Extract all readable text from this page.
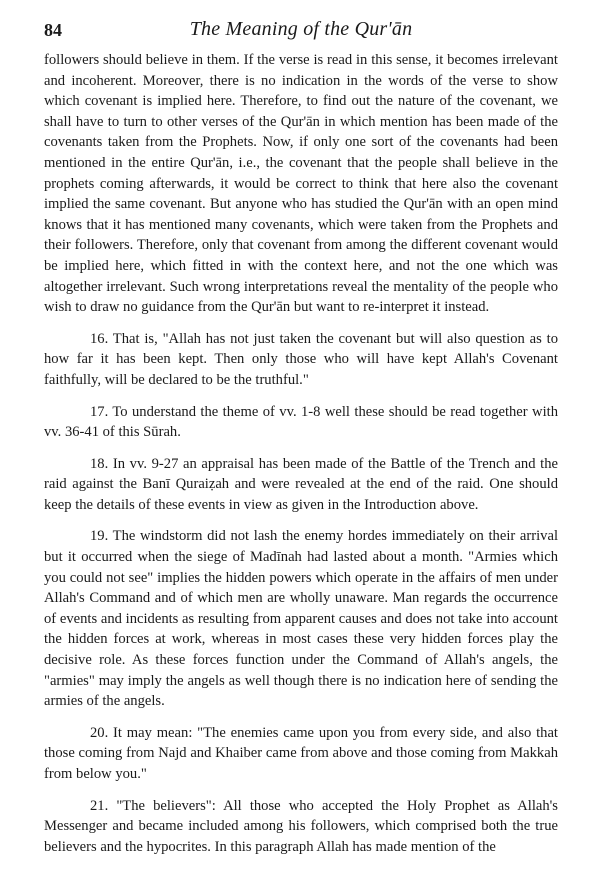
84	The Meaning of the Qur'ān

followers should believe in them. If the verse is read in this sense, it becomes irrelevant and incoherent. Moreover, there is no indication in the words of the verse to show which covenant is implied here. Therefore, to find out the nature of the covenant, we shall have to turn to other verses of the Qur'ān in which mention has been made of the covenants taken from the Prophets. Now, if only one sort of the covenants had been mentioned in the entire Qur'ān, i.e., the covenant that the people shall believe in the prophets coming afterwards, it would be correct to think that here also the covenant implied the same covenant. But anyone who has studied the Qur'ān with an open mind knows that it has mentioned many covenants, which were taken from the Prophets and their followers. Therefore, only that covenant from among the different covenant would be implied here, which fitted in with the context here, and not the one which was altogether irrelevant. Such wrong interpretations reveal the mentality of the people who wish to draw no guidance from the Qur'ān but want to re-interpret it instead.

16. That is, "Allah has not just taken the covenant but will also question as to how far it has been kept. Then only those who will have kept Allah's Covenant faithfully, will be declared to be the truthful."

17. To understand the theme of vv. 1-8 well these should be read together with vv. 36-41 of this Sūrah.

18. In vv. 9-27 an appraisal has been made of the Battle of the Trench and the raid against the Banī Quraiẓah and were revealed at the end of the raid. One should keep the details of these events in view as given in the Introduction above.

19. The windstorm did not lash the enemy hordes immediately on their arrival but it occurred when the siege of Madīnah had lasted about a month. "Armies which you could not see" implies the hidden powers which operate in the affairs of men under Allah's Command and of which men are wholly unaware. Man regards the occurrence of events and incidents as resulting from apparent causes and does not take into account the hidden forces at work, whereas in most cases these very hidden forces play the decisive role. As these forces function under the Command of Allah's angels, the "armies" may imply the angels as well though there is no indication here of sending the armies of the angels.

20. It may mean: "The enemies came upon you from every side, and also that those coming from Najd and Khaiber came from above and those coming from Makkah from below you."

21. "The believers": All those who accepted the Holy Prophet as Allah's Messenger and became included among his followers, which comprised both the true believers and the hypocrites. In this paragraph Allah has made mention of the
